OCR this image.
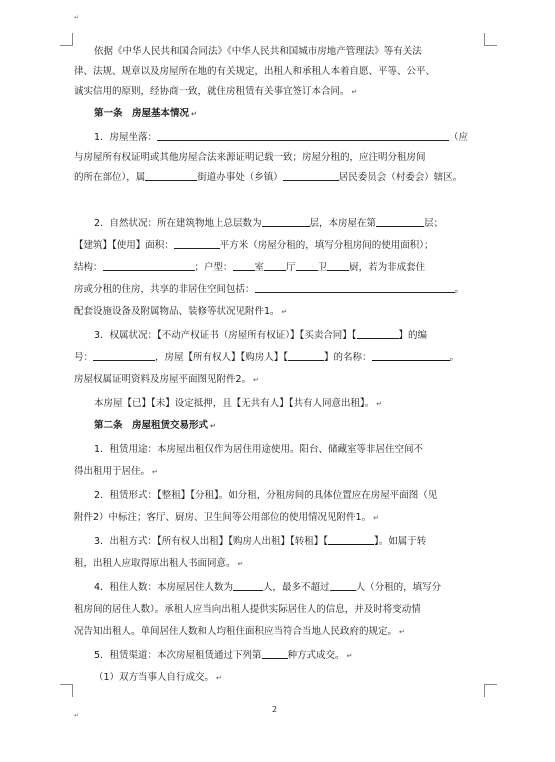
↵
↵
依据《中华人民共和国合同法》《中华人民共和国城市房地产管理法》等有关法
律、法规、规章以及房屋所在地的有关规定，出租人和承租人本着自愿、平等、公平、
诚实信用的原则，经协商一致，就住房租赁有关事宜签订本合同。 ↵
第一条　房屋基本情况 ↵
1．房屋坐落：	（应
与房屋所有权证明或其他房屋合法来源证明记载一致；房屋分租的，应注明分租房间
的所在部位），属	街道办事处（乡镇）	居民委员会（村委会）辖区。
2．自然状况：所在建筑物地上总层数为	层，本房屋在第	层；
【建筑】【使用】面积：	平方米（房屋分租的，填写分租房间的使用面积）；
结构：	；户型： 室 厅 卫 厨，若为非成套住
房或分租的住房，共享的非居住空间包括：	。
配套设施设备及附属物品、装修等状况见附件1。 ↵
3．权属状况：【不动产权证书（房屋所有权证）】【买卖合同】【	】的编
号：	，房屋【所有权人】【购房人】【	】的名称：	。
房屋权属证明资料及房屋平面图见附件2。 ↵
本房屋【已】【未】设定抵押，且【无共有人】【共有人同意出租】。 ↵
第二条　房屋租赁交易形式 ↵
1．租赁用途：本房屋出租仅作为居住用途使用。阳台、储藏室等非居住空间不
得出租用于居住。 ↵
2．租赁形式：【整租】【分租】。如分租，分租房间的具体位置应在房屋平面图（见
附件2）中标注；客厅、厨房、卫生间等公用部位的使用情况见附件1。 ↵
3．出租方式：【所有权人出租】【购房人出租】【转租】【	】。如属于转
租，出租人应取得原出租人书面同意。 ↵
4．租住人数：本房屋居住人数为	人，最多不超过	人（分租的，填写分
租房间的居住人数）。承租人应当向出租人提供实际居住人的信息，并及时将变动情
况告知出租人。单间居住人数和人均租住面积应当符合当地人民政府的规定。 ↵
5．租赁渠道：本次房屋租赁通过下列第	种方式成交。 ↵
（1）双方当事人自行成交。 ↵
2
